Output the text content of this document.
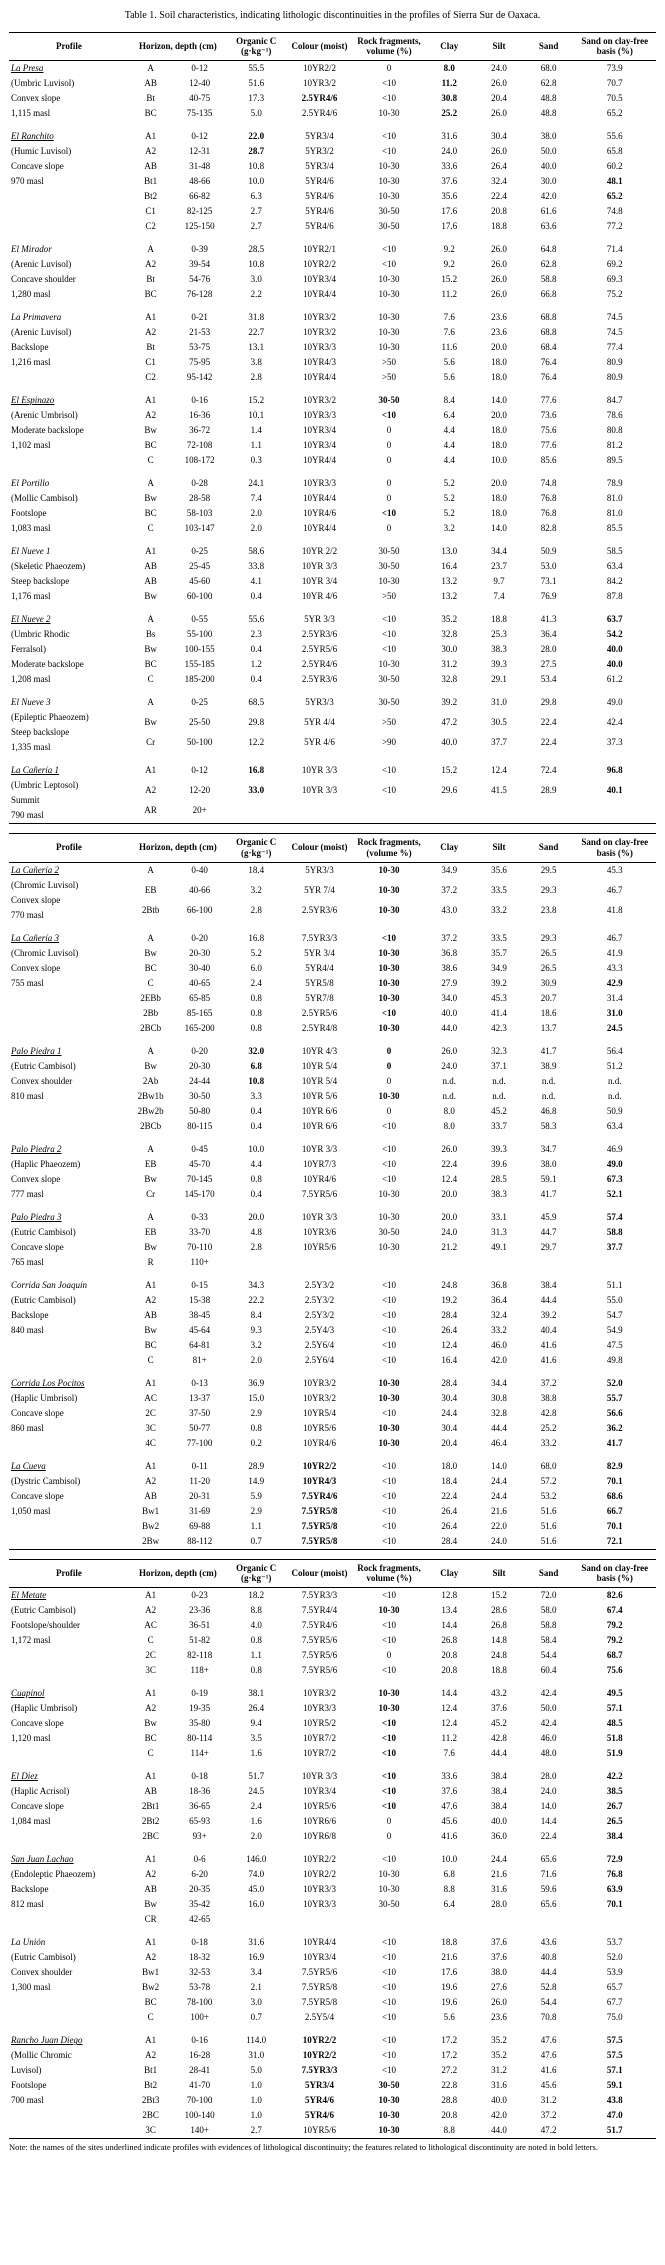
Table 1. Soil characteristics, indicating lithologic discontinuities in the profiles of Sierra Sur de Oaxaca.
Profile	Horizon, depth (cm)		Organic C (g·kg⁻¹)	Colour (moist)	Rock fragments, volume (%)	Clay	Silt	Sand	Sand on clay-free basis (%)

La Presa
(Umbric Luvisol)
Convex slope
1,115 masl	A	0-12	55.5	10YR2/2	0	8.0	24.0	68.0	73.9
	AB	12-40	51.6	10YR3/2	<10	11.2	26.0	62.8	70.7
	Bt	40-75	17.3	2.5YR4/6	<10	30.8	20.4	48.8	70.5
	BC	75-135	5.0	2.5YR4/6	10-30	25.2	26.0	48.8	65.2

El Ranchito
(Humic Luvisol)
Concave slope
970 masl	A1	0-12	22.0	5YR3/4	<10	31.6	30.4	38.0	55.6
	A2	12-31	28.7	5YR3/2	<10	24.0	26.0	50.0	65.8
	AB	31-48	10.8	5YR3/4	10-30	33.6	26.4	40.0	60.2
	Bt1	48-66	10.0	5YR4/6	10-30	37.6	32.4	30.0	48.1
	Bt2	66-82	6.3	5YR4/6	10-30	35.6	22.4	42.0	65.2
	C1	82-125	2.7	5YR4/6	30-50	17.6	20.8	61.6	74.8
	C2	125-150	2.7	5YR4/6	30-50	17.6	18.8	63.6	77.2

El Mirador
(Arenic Luvisol)
Concave shoulder
1,280 masl	A	0-39	28.5	10YR2/1	<10	9.2	26.0	64.8	71.4
	A2	39-54	10.8	10YR2/2	<10	9.2	26.0	62.8	69.2
	Bt	54-76	3.0	10YR3/4	10-30	15.2	26.0	58.8	69.3
	BC	76-128	2.2	10YR4/4	10-30	11.2	26.0	66.8	75.2

La Primavera
(Arenic Luvisol)
Backslope
1,216 masl	A1	0-21	31.8	10YR3/2	10-30	7.6	23.6	68.8	74.5
	A2	21-53	22.7	10YR3/2	10-30	7.6	23.6	68.8	74.5
	Bt	53-75	13.1	10YR3/3	10-30	11.6	20.0	68.4	77.4
	C1	75-95	3.8	10YR4/3	>50	5.6	18.0	76.4	80.9
	C2	95-142	2.8	10YR4/4	>50	5.6	18.0	76.4	80.9

El Espinazo
(Arenic Umbrisol)
Moderate backslope
1,102 masl	A1	0-16	15.2	10YR3/2	30-50	8.4	14.0	77.6	84.7
	A2	16-36	10.1	10YR3/3	<10	6.4	20.0	73.6	78.6
	Bw	36-72	1.4	10YR3/4	0	4.4	18.0	75.6	80.8
	BC	72-108	1.1	10YR3/4	0	4.4	18.0	77.6	81.2
	C	108-172	0.3	10YR4/4	0	4.4	10.0	85.6	89.5

El Portillo
(Mollic Cambisol)
Footslope
1,083 masl	A	0-28	24.1	10YR3/3	0	5.2	20.0	74.8	78.9
	Bw	28-58	7.4	10YR4/4	0	5.2	18.0	76.8	81.0
	BC	58-103	2.0	10YR4/6	<10	5.2	18.0	76.8	81.0
	C	103-147	2.0	10YR4/4	0	3.2	14.0	82.8	85.5

El Nueve 1
(Skeletic Phaeozem)
Steep backslope
1,176 masl	A1	0-25	58.6	10YR 2/2	30-50	13.0	34.4	50.9	58.5
	AB	25-45	33.8	10YR 3/3	30-50	16.4	23.7	53.0	63.4
	AB	45-60	4.1	10YR 3/4	10-30	13.2	9.7	73.1	84.2
	Bw	60-100	0.4	10YR 4/6	>50	13.2	7.4	76.9	87.8

El Nueve 2
(Umbric Rhodic
Ferralsol)
Moderate backslope
1,208 masl	A	0-55	55.6	5YR 3/3	<10	35.2	18.8	41.3	63.7
	Bs	55-100	2.3	2.5YR3/6	<10	32.8	25.3	36.4	54.2
	Bw	100-155	0.4	2.5YR5/6	<10	30.0	38.3	28.0	40.0
	BC	155-185	1.2	2.5YR4/6	10-30	31.2	39.3	27.5	40.0
	C	185-200	0.4	2.5YR3/6	30-50	32.8	29.1	53.4	61.2

El Nueve 3
(Epileptic Phaeozem)
Steep backslope
1,335 masl	A	0-25	68.5	5YR3/3	30-50	39.2	31.0	29.8	49.0
	Bw	25-50	29.8	5YR 4/4	>50	47.2	30.5	22.4	42.4
	Cr	50-100	12.2	5YR 4/6	>90	40.0	37.7	22.4	37.3

La Cañería 1
(Umbric Leptosol)
Summit
790 masl	A1	0-12	16.8	10YR 3/3	<10	15.2	12.4	72.4	96.8
	A2	12-20	33.0	10YR 3/3	<10	29.6	41.5	28.9	40.1
	AR	20+							
Profile	Horizon, depth (cm)		Organic C (g·kg⁻¹)	Colour (moist)	Rock fragments, (volume %)	Clay	Silt	Sand	Sand on clay-free basis (%)

La Cañería 2
(Chromic Luvisol)
Convex slope
770 masl	A	0-40	18.4	5YR3/3	10-30	34.9	35.6	29.5	45.3
	EB	40-66	3.2	5YR 7/4	10-30	37.2	33.5	29.3	46.7
	2Btb	66-100	2.8	2.5YR3/6	10-30	43.0	33.2	23.8	41.8

La Cañería 3
(Chromic Luvisol)
Convex slope
755 masl	A	0-20	16.8	7.5YR3/3	<10	37.2	33.5	29.3	46.7
	Bw	20-30	5.2	5YR 3/4	10-30	36.8	35.7	26.5	41.9
	BC	30-40	6.0	5YR4/4	10-30	38.6	34.9	26.5	43.3
	C	40-65	2.4	5YR5/8	10-30	27.9	39.2	30.9	42.9
	2EBb	65-85	0.8	5YR7/8	10-30	34.0	45.3	20.7	31.4
	2Bb	85-165	0.8	2.5YR5/6	<10	40.0	41.4	18.6	31.0
	2BCb	165-200	0.8	2.5YR4/8	10-30	44.0	42.3	13.7	24.5

Palo Piedra 1
(Eutric Cambisol)
Convex shoulder
810 masl	A	0-20	32.0	10YR 4/3	0	26.0	32.3	41.7	56.4
	Bw	20-30	6.8	10YR 5/4	0	24.0	37.1	38.9	51.2
	2Ab	24-44	10.8	10YR 5/4	0	n.d.	n.d.	n.d.	n.d.
	2Bw1b	30-50	3.3	10YR 5/6	10-30	n.d.	n.d.	n.d.	n.d.
	2Bw2b	50-80	0.4	10YR 6/6	0	8.0	45.2	46.8	50.9
	2BCb	80-115	0.4	10YR 6/6	<10	8.0	33.7	58.3	63.4

Palo Piedra 2
(Haplic Phaeozem)
Convex slope
777 masl	A	0-45	10.0	10YR 3/3	<10	26.0	39.3	34.7	46.9
	EB	45-70	4.4	10YR7/3	<10	22.4	39.6	38.0	49.0
	Bw	70-145	0.8	10YR4/6	<10	12.4	28.5	59.1	67.3
	Cr	145-170	0.4	7.5YR5/6	10-30	20.0	38.3	41.7	52.1

Palo Piedra 3
(Eutric Cambisol)
Concave slope
765 masl	A	0-33	20.0	10YR 3/3	10-30	20.0	33.1	45.9	57.4
	EB	33-70	4.8	10YR3/6	30-50	24.0	31.3	44.7	58.8
	Bw	70-110	2.8	10YR5/6	10-30	21.2	49.1	29.7	37.7
	R	110+							

Corrida San Joaquín
(Eutric Cambisol)
Backslope
840 masl	A1	0-15	34.3	2.5Y3/2	<10	24.8	36.8	38.4	51.1
	A2	15-38	22.2	2.5Y3/2	<10	19.2	36.4	44.4	55.0
	AB	38-45	8.4	2.5Y3/2	<10	28.4	32.4	39.2	54.7
	Bw	45-64	9.3	2.5Y4/3	<10	26.4	33.2	40.4	54.9
	BC	64-81	3.2	2.5Y6/4	<10	12.4	46.0	41.6	47.5
	C	81+	2.0	2.5Y6/4	<10	16.4	42.0	41.6	49.8

Corrida Los Pocitos
(Haplic Umbrisol)
Concave slope
860 masl	A1	0-13	36.9	10YR3/2	10-30	28.4	34.4	37.2	52.0
	AC	13-37	15.0	10YR3/2	10-30	30.4	30.8	38.8	55.7
	2C	37-50	2.9	10YR5/4	<10	24.4	32.8	42.8	56.6
	3C	50-77	0.8	10YR5/6	10-30	30.4	44.4	25.2	36.2
	4C	77-100	0.2	10YR4/6	10-30	20.4	46.4	33.2	41.7

La Cueva
(Dystric Cambisol)
Concave slope
1,050 masl	A1	0-11	28.9	10YR2/2	<10	18.0	14.0	68.0	82.9
	A2	11-20	14.9	10YR4/3	<10	18.4	24.4	57.2	70.1
	AB	20-31	5.9	7.5YR4/6	<10	22.4	24.4	53.2	68.6
	Bw1	31-69	2.9	7.5YR5/8	<10	26.4	21.6	51.6	66.7
	Bw2	69-88	1.1	7.5YR5/8	<10	26.4	22.0	51.6	70.1
	2Bw	88-112	0.7	7.5YR5/8	<10	28.4	24.0	51.6	72.1
Profile	Horizon, depth (cm)		Organic C (g·kg⁻¹)	Colour (moist)	Rock fragments, volume (%)	Clay	Silt	Sand	Sand on clay-free basis (%)

El Metate
(Eutric Cambisol)
Footslope/shoulder
1,172 masl	A1	0-23	18.2	7.5YR3/3	<10	12.8	15.2	72.0	82.6
	A2	23-36	8.8	7.5YR4/4	10-30	13.4	28.6	58.0	67.4
	AC	36-51	4.0	7.5YR4/6	<10	14.4	26.8	58.8	79.2
	C	51-82	0.8	7.5YR5/6	<10	26.8	14.8	58.4	79.2
	2C	82-118	1.1	7.5YR5/6	0	20.8	24.8	54.4	68.7
	3C	118+	0.8	7.5YR5/6	<10	20.8	18.8	60.4	75.6

Cuapinol
(Haplic Umbrisol)
Concave slope
1,120 masl	A1	0-19	38.1	10YR3/2	10-30	14.4	43.2	42.4	49.5
	A2	19-35	26.4	10YR3/3	10-30	12.4	37.6	50.0	57.1
	Bw	35-80	9.4	10YR5/2	<10	12.4	45.2	42.4	48.5
	BC	80-114	3.5	10YR7/2	<10	11.2	42.8	46.0	51.8
	C	114+	1.6	10YR7/2	<10	7.6	44.4	48.0	51.9

El Diez
(Haplic Acrisol)
Concave slope
1,084 masl	A1	0-18	51.7	10YR 3/3	<10	33.6	38.4	28.0	42.2
	AB	18-36	24.5	10YR3/4	<10	37.6	38.4	24.0	38.5
	2Bt1	36-65	2.4	10YR5/6	<10	47.6	38.4	14.0	26.7
	2Bt2	65-93	1.6	10YR6/6	0	45.6	40.0	14.4	26.5
	2BC	93+	2.0	10YR6/8	0	41.6	36.0	22.4	38.4

San Juan Lachao
(Endoleptic Phaeozem)
Backslope
812 masl	A1	0-6	146.0	10YR2/2	<10	10.0	24.4	65.6	72.9
	A2	6-20	74.0	10YR2/2	10-30	6.8	21.6	71.6	76.8
	AB	20-35	45.0	10YR3/3	10-30	8.8	31.6	59.6	63.9
	Bw	35-42	16.0	10YR3/3	30-50	6.4	28.0	65.6	70.1
	CR	42-65							

La Unión
(Eutric Cambisol)
Convex shoulder
1,300 masl	A1	0-18	31.6	10YR4/4	<10	18.8	37.6	43.6	53.7
	A2	18-32	16.9	10YR3/4	<10	21.6	37.6	40.8	52.0
	Bw1	32-53	3.4	7.5YR5/6	<10	17.6	38.0	44.4	53.9
	Bw2	53-78	2.1	7.5YR5/8	<10	19.6	27.6	52.8	65.7
	BC	78-100	3.0	7.5YR5/8	<10	19.6	26.0	54.4	67.7
	C	100+	0.7	2.5Y5/4	<10	5.6	23.6	70.8	75.0

Rancho Juan Diego
(Mollic Chromic
Luvisol)
Footslope
700 masl	A1	0-16	114.0	10YR2/2	<10	17.2	35.2	47.6	57.5
	A2	16-28	31.0	10YR2/2	<10	17.2	35.2	47.6	57.5
	Bt1	28-41	5.0	7.5YR3/3	<10	27.2	31.2	41.6	57.1
	Bt2	41-70	1.0	5YR3/4	30-50	22.8	31.6	45.6	59.1
	2Bt3	70-100	1.0	5YR4/6	10-30	28.8	40.0	31.2	43.8
	2BC	100-140	1.0	5YR4/6	10-30	20.8	42.0	37.2	47.0
	3C	140+	2.7	10YR5/6	10-30	8.8	44.0	47.2	51.7
Note: the names of the sites underlined indicate profiles with evidences of lithological discontinuity; the features related to lithological discontinuity are noted in bold letters.
